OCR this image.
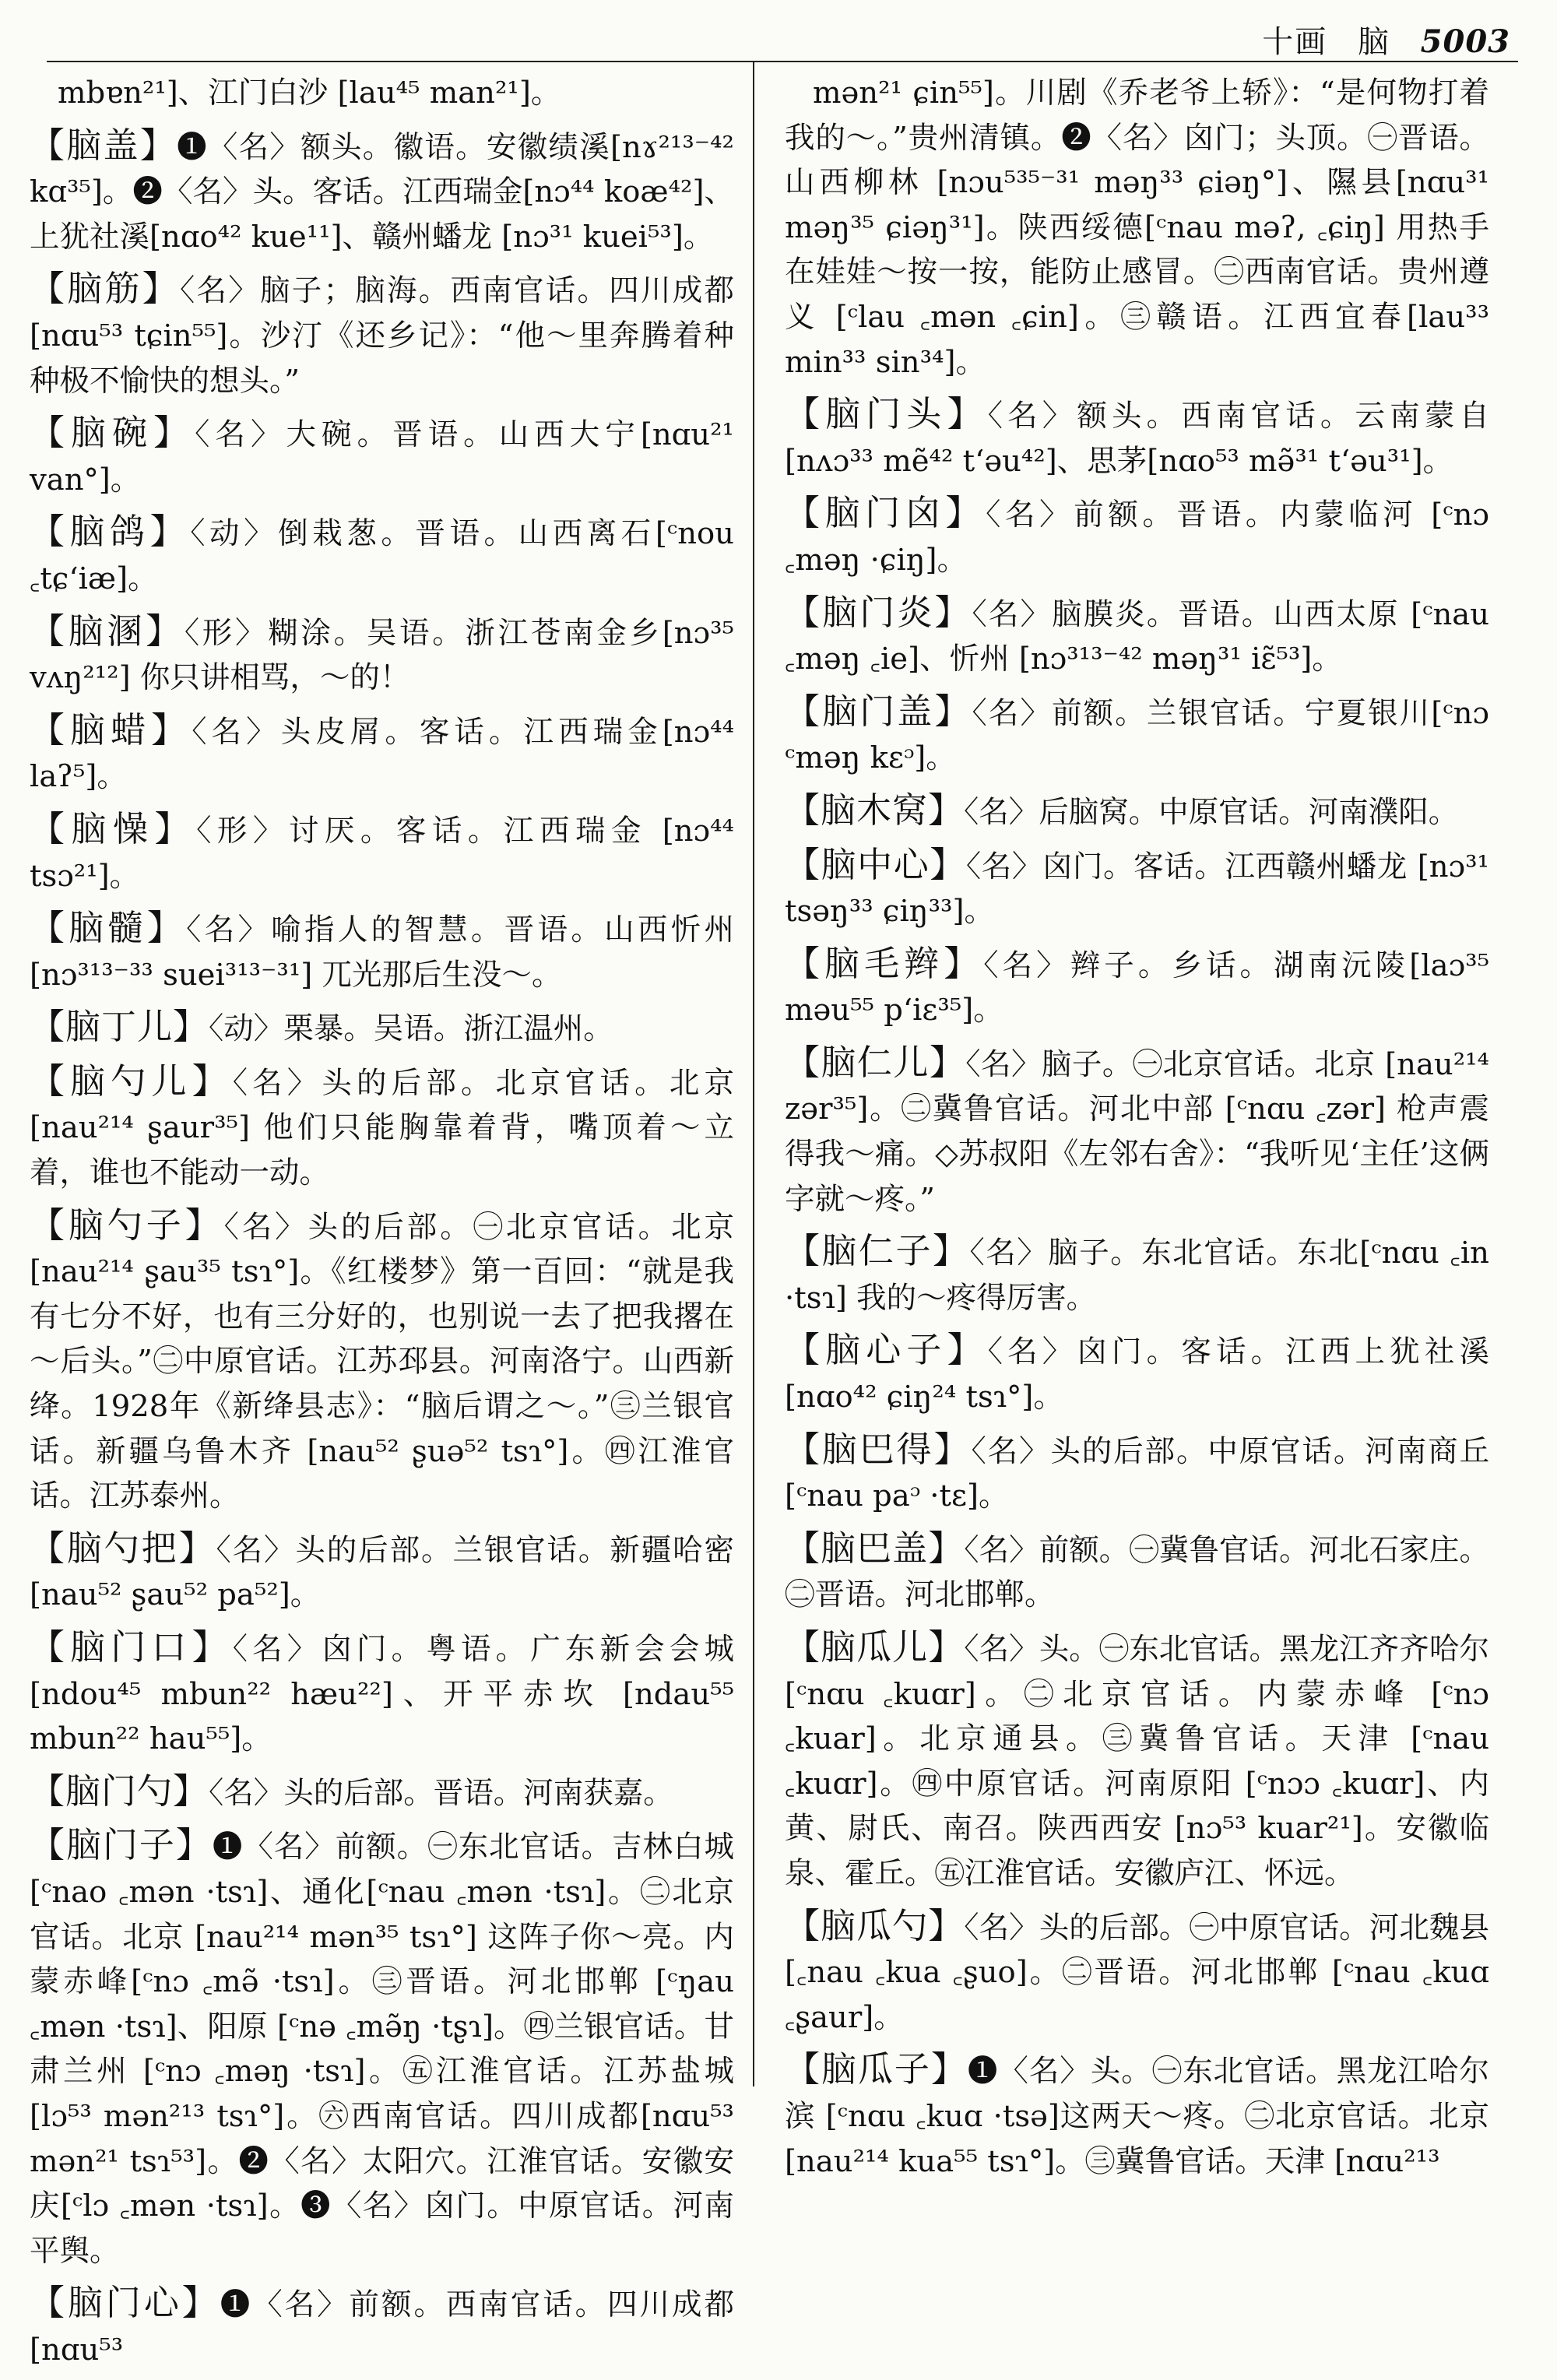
十画 脑 5003

mbɐn²¹]、江门白沙 [lau⁴⁵ man²¹]。

【脑盖】❶〈名〉额头。徽语。安徽绩溪[nɤ²¹³⁻⁴² kɑ³⁵]。❷〈名〉头。客话。江西瑞金[nɔ⁴⁴ koæ⁴²]、上犹社溪[nɑo⁴² kue¹¹]、赣州蟠龙 [nɔ³¹ kuei⁵³]。

【脑筋】〈名〉脑子；脑海。西南官话。四川成都[nɑu⁵³ tɕin⁵⁵]。沙汀《还乡记》：“他～里奔腾着种种极不愉快的想头。”

【脑碗】〈名〉大碗。晋语。山西大宁[nɑu²¹ van°]。

【脑鸽】〈动〉倒栽葱。晋语。山西离石[ᶜnou ꜀tɕʻiæ]。

【脑溷】〈形〉糊涂。吴语。浙江苍南金乡[nɔ³⁵ vʌŋ²¹²] 你只讲相骂，～的！

【脑蜡】〈名〉头皮屑。客话。江西瑞金[nɔ⁴⁴ laʔ⁵]。

【脑懆】〈形〉讨厌。客话。江西瑞金 [nɔ⁴⁴ tsɔ²¹]。

【脑髓】〈名〉喻指人的智慧。晋语。山西忻州[nɔ³¹³⁻³³ suei³¹³⁻³¹] 兀光那后生没～。

【脑丁儿】〈动〉栗暴。吴语。浙江温州。

【脑勺儿】〈名〉头的后部。北京官话。北京 [nau²¹⁴ ʂaur³⁵] 他们只能胸靠着背，嘴顶着～立着，谁也不能动一动。

【脑勺子】〈名〉头的后部。㊀北京官话。北京 [nau²¹⁴ ʂau³⁵ tsɿ°]。《红楼梦》第一百回：“就是我有七分不好，也有三分好的，也别说一去了把我撂在～后头。”㊁中原官话。江苏邳县。河南洛宁。山西新绛。1928年《新绛县志》：“脑后谓之～。”㊂兰银官话。新疆乌鲁木齐 [nau⁵² ʂuə⁵² tsɿ°]。㊃江淮官话。江苏泰州。

【脑勺把】〈名〉头的后部。兰银官话。新疆哈密[nau⁵² ʂau⁵² pa⁵²]。

【脑门口】〈名〉囟门。粤语。广东新会会城 [ndou⁴⁵ mbun²² hæu²²]、开平赤坎 [ndau⁵⁵ mbun²² hau⁵⁵]。

【脑门勺】〈名〉头的后部。晋语。河南获嘉。

【脑门子】❶〈名〉前额。㊀东北官话。吉林白城[ᶜnao ꜀mən ·tsɿ]、通化[ᶜnau ꜀mən ·tsɿ]。㊁北京官话。北京 [nau²¹⁴ mən³⁵ tsɿ°] 这阵子你～亮。内蒙赤峰[ᶜnɔ ꜀mə̃ ·tsɿ]。㊂晋语。河北邯郸 [ᶜŋau ꜀mən ·tsɿ]、阳原 [ᶜnə ꜀mə̃ŋ ·tʂɿ]。㊃兰银官话。甘肃兰州 [ᶜnɔ ꜀məŋ ·tsɿ]。㊄江淮官话。江苏盐城[lɔ⁵³ mən²¹³ tsɿ°]。㊅西南官话。四川成都[nɑu⁵³ mən²¹ tsɿ⁵³]。❷〈名〉太阳穴。江淮官话。安徽安庆[ᶜlɔ ꜀mən ·tsɿ]。❸〈名〉囟门。中原官话。河南平舆。

【脑门心】❶〈名〉前额。西南官话。四川成都[nɑu⁵³

mən²¹ ɕin⁵⁵]。川剧《乔老爷上轿》：“是何物打着我的～。”贵州清镇。❷〈名〉囟门；头顶。㊀晋语。山西柳林 [nɔu⁵³⁵⁻³¹ məŋ³³ ɕiəŋ°]、隰县[nɑu³¹ məŋ³⁵ ɕiəŋ³¹]。陕西绥德[ᶜnau məʔ, ꜀ɕiŋ] 用热手在娃娃～按一按，能防止感冒。㊁西南官话。贵州遵义 [ᶜlau ꜀mən ꜀ɕin]。㊂赣语。江西宜春[lau³³ min³³ sin³⁴]。

【脑门头】〈名〉额头。西南官话。云南蒙自 [nʌɔ³³ mẽ⁴² tʻəu⁴²]、思茅[nɑo⁵³ mə̃³¹ tʻəu³¹]。

【脑门囟】〈名〉前额。晋语。内蒙临河 [ᶜnɔ ꜀məŋ ·ɕiŋ]。

【脑门炎】〈名〉脑膜炎。晋语。山西太原 [ᶜnau ꜀məŋ ꜀ie]、忻州 [nɔ³¹³⁻⁴² məŋ³¹ iɛ̃⁵³]。

【脑门盖】〈名〉前额。兰银官话。宁夏银川[ᶜnɔ ᶜməŋ kɛᵓ]。

【脑木窝】〈名〉后脑窝。中原官话。河南濮阳。

【脑中心】〈名〉囟门。客话。江西赣州蟠龙 [nɔ³¹ tsəŋ³³ ɕiŋ³³]。

【脑毛辫】〈名〉辫子。乡话。湖南沅陵[laɔ³⁵ məu⁵⁵ pʻiɛ³⁵]。

【脑仁儿】〈名〉脑子。㊀北京官话。北京 [nau²¹⁴ zər³⁵]。㊁冀鲁官话。河北中部 [ᶜnɑu ꜀zər] 枪声震得我～痛。◇苏叔阳《左邻右舍》：“我听见‘主任’这俩字就～疼。”

【脑仁子】〈名〉脑子。东北官话。东北[ᶜnɑu ꜀in ·tsɿ] 我的～疼得厉害。

【脑心子】〈名〉囟门。客话。江西上犹社溪 [nɑo⁴² ɕiŋ²⁴ tsɿ°]。

【脑巴得】〈名〉头的后部。中原官话。河南商丘[ᶜnau paᵓ ·tɛ]。

【脑巴盖】〈名〉前额。㊀冀鲁官话。河北石家庄。㊁晋语。河北邯郸。

【脑瓜儿】〈名〉头。㊀东北官话。黑龙江齐齐哈尔[ᶜnɑu ꜀kuɑr]。㊁北京官话。内蒙赤峰 [ᶜnɔ ꜀kuar]。北京通县。㊂冀鲁官话。天津 [ᶜnau ꜀kuɑr]。㊃中原官话。河南原阳 [ᶜnɔɔ ꜀kuɑr]、内黄、尉氏、南召。陕西西安 [nɔ⁵³ kuar²¹]。安徽临泉、霍丘。㊄江淮官话。安徽庐江、怀远。

【脑瓜勺】〈名〉头的后部。㊀中原官话。河北魏县 [꜀nau ꜀kua ꜀ʂuo]。㊁晋语。河北邯郸 [ᶜnau ꜀kuɑ ꜀ʂaur]。

【脑瓜子】❶〈名〉头。㊀东北官话。黑龙江哈尔滨 [ᶜnɑu ꜀kuɑ ·tsə]这两天～疼。㊁北京官话。北京 [nau²¹⁴ kua⁵⁵ tsɿ°]。㊂冀鲁官话。天津 [nɑu²¹³
